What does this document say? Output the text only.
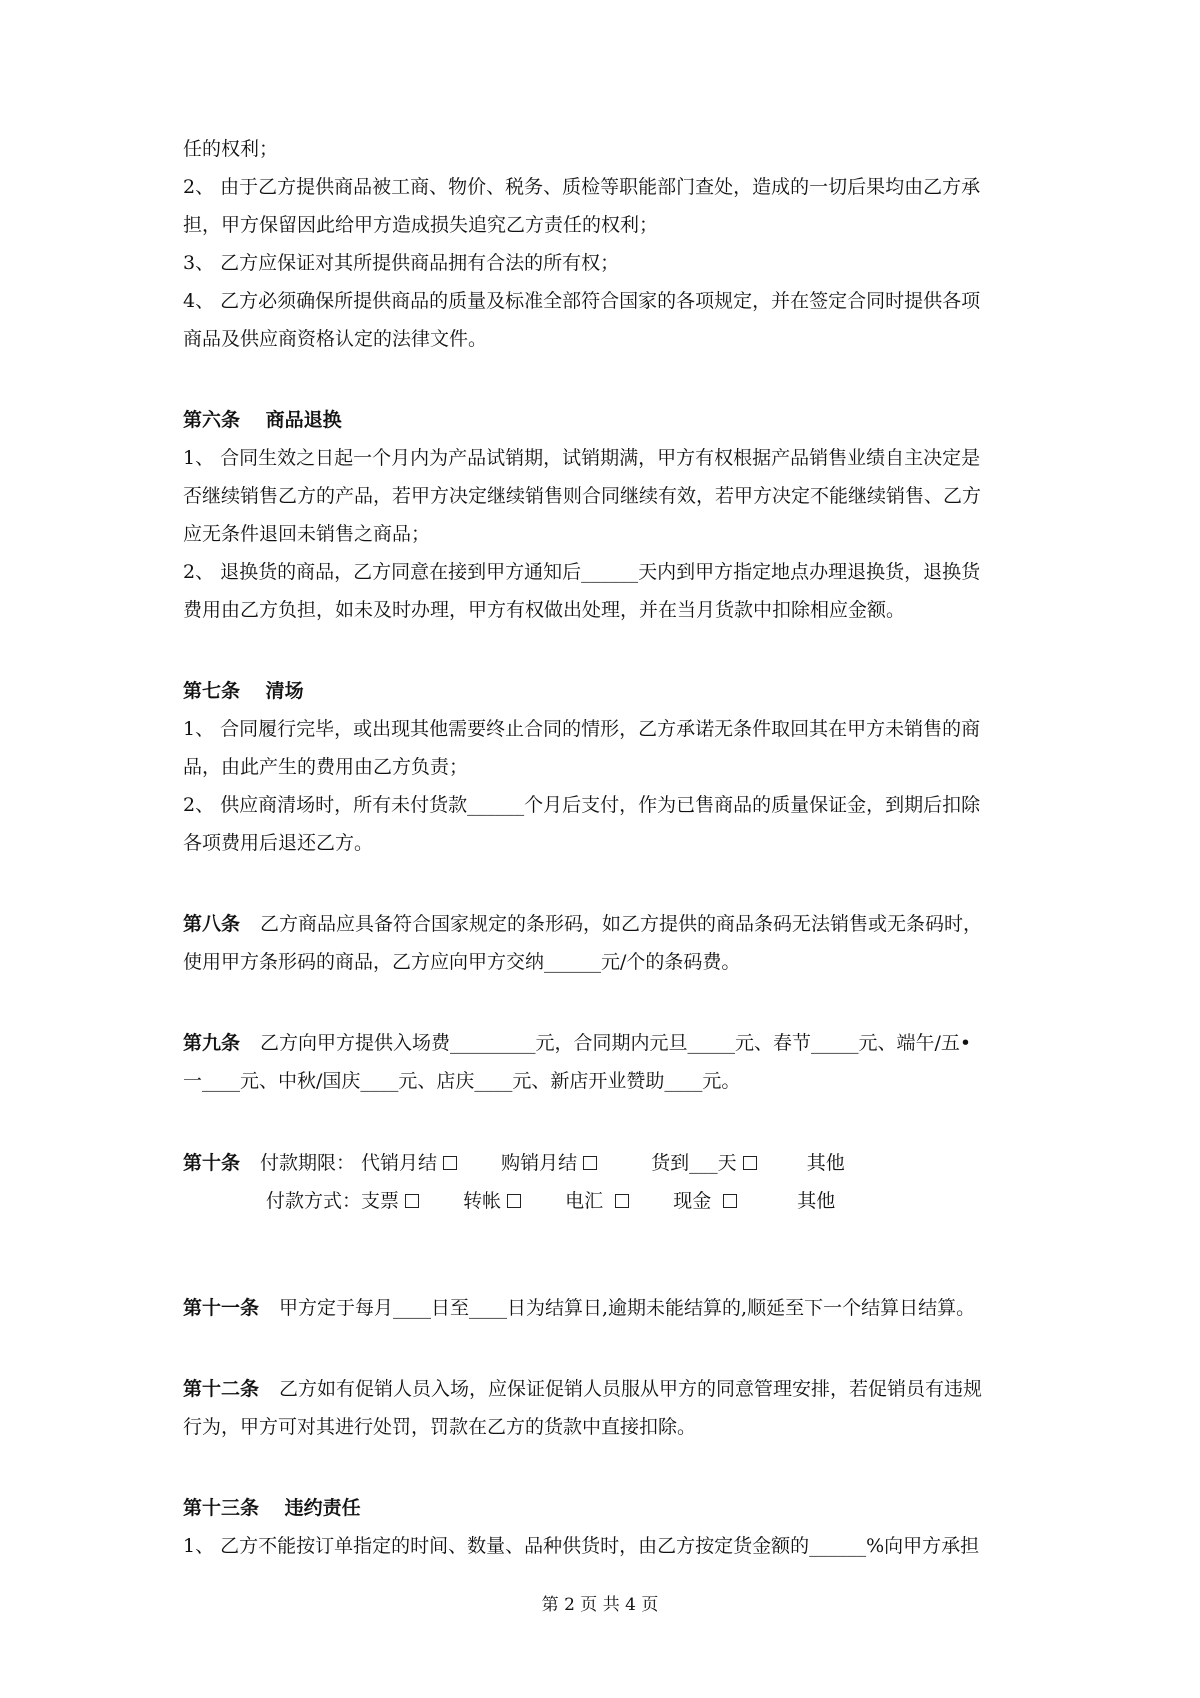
任的权利；
2、 由于乙方提供商品被工商、物价、税务、质检等职能部门查处，造成的一切后果均由乙方承
担，甲方保留因此给甲方造成损失追究乙方责任的权利；
3、 乙方应保证对其所提供商品拥有合法的所有权；
4、 乙方必须确保所提供商品的质量及标准全部符合国家的各项规定，并在签定合同时提供各项
商品及供应商资格认定的法律文件。
第六条　 商品退换
1、 合同生效之日起一个月内为产品试销期，试销期满，甲方有权根据产品销售业绩自主决定是
否继续销售乙方的产品，若甲方决定继续销售则合同继续有效，若甲方决定不能继续销售、乙方
应无条件退回未销售之商品；
2、 退换货的商品，乙方同意在接到甲方通知后______天内到甲方指定地点办理退换货，退换货
费用由乙方负担，如未及时办理，甲方有权做出处理，并在当月货款中扣除相应金额。
第七条　 清场
1、 合同履行完毕，或出现其他需要终止合同的情形，乙方承诺无条件取回其在甲方未销售的商
品，由此产生的费用由乙方负责；
2、 供应商清场时，所有未付货款______个月后支付，作为已售商品的质量保证金，到期后扣除
各项费用后退还乙方。
第八条 乙方商品应具备符合国家规定的条形码，如乙方提供的商品条码无法销售或无条码时，
使用甲方条形码的商品，乙方应向甲方交纳______元/个的条码费。
第九条 乙方向甲方提供入场费_________元，合同期内元旦_____元、春节_____元、端午/五•
一____元、中秋/国庆____元、店庆____元、新店开业赞助____元。
第十条 付款期限： 代销月结	购销月结	货到___天	其他
付款方式：支票	转帐	电汇	现金	其他
第十一条 甲方定于每月____日至____日为结算日,逾期未能结算的,顺延至下一个结算日结算。
第十二条 乙方如有促销人员入场，应保证促销人员服从甲方的同意管理安排，若促销员有违规
行为，甲方可对其进行处罚，罚款在乙方的货款中直接扣除。
第十三条　 违约责任
1、 乙方不能按订单指定的时间、数量、品种供货时，由乙方按定货金额的______%向甲方承担
第 2 页 共 4 页
